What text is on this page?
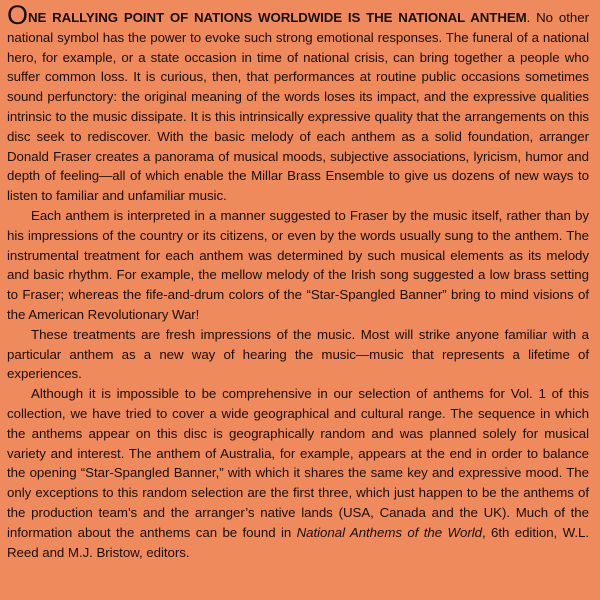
ONE RALLYING POINT OF NATIONS WORLDWIDE IS THE NATIONAL ANTHEM. No other national symbol has the power to evoke such strong emotional responses. The funeral of a national hero, for example, or a state occasion in time of national crisis, can bring together a people who suffer common loss. It is curious, then, that performances at routine public occasions sometimes sound perfunctory: the original meaning of the words loses its impact, and the expressive qualities intrinsic to the music dissipate. It is this intrinsically expressive quality that the arrangements on this disc seek to rediscover. With the basic melody of each anthem as a solid foundation, arranger Donald Fraser creates a panorama of musical moods, subjective associations, lyricism, humor and depth of feeling—all of which enable the Millar Brass Ensemble to give us dozens of new ways to listen to familiar and unfamiliar music.

Each anthem is interpreted in a manner suggested to Fraser by the music itself, rather than by his impressions of the country or its citizens, or even by the words usually sung to the anthem. The instrumental treatment for each anthem was determined by such musical elements as its melody and basic rhythm. For example, the mellow melody of the Irish song suggested a low brass setting to Fraser; whereas the fife-and-drum colors of the “Star-Spangled Banner” bring to mind visions of the American Revolutionary War!

These treatments are fresh impressions of the music. Most will strike anyone familiar with a particular anthem as a new way of hearing the music—music that represents a lifetime of experiences.

Although it is impossible to be comprehensive in our selection of anthems for Vol. 1 of this collection, we have tried to cover a wide geographical and cultural range. The sequence in which the anthems appear on this disc is geographically random and was planned solely for musical variety and interest. The anthem of Australia, for example, appears at the end in order to balance the opening “Star-Spangled Banner,” with which it shares the same key and expressive mood. The only exceptions to this random selection are the first three, which just happen to be the anthems of the production team’s and the arranger’s native lands (USA, Canada and the UK). Much of the information about the anthems can be found in National Anthems of the World, 6th edition, W.L. Reed and M.J. Bristow, editors.
